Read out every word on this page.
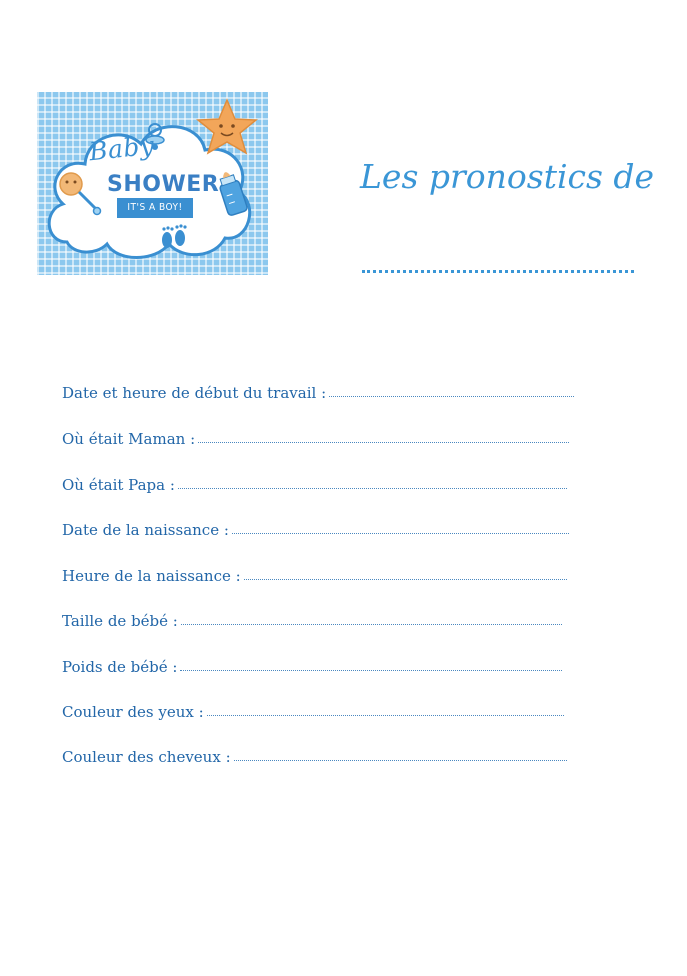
Baby
SHOWER
IT'S A BOY!
Les pronostics de
Date et heure de début du travail :
Où était Maman :
Où était Papa :
Date de la naissance :
Heure de la naissance :
Taille de bébé :
Poids de bébé :
Couleur des yeux :
Couleur des cheveux :
